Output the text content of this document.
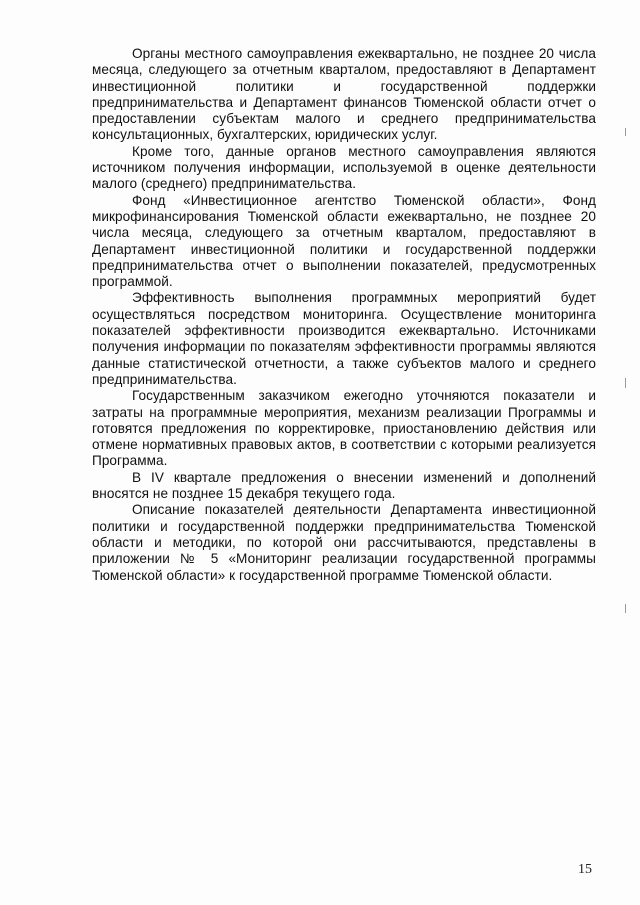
Органы местного самоуправления ежеквартально, не позднее 20 числа месяца, следующего за отчетным кварталом, предоставляют в Департамент инвестиционной политики и государственной поддержки предпринимательства и Департамент финансов Тюменской области отчет о предоставлении субъектам малого и среднего предпринимательства консультационных, бухгалтерских, юридических услуг.

Кроме того, данные органов местного самоуправления являются источником получения информации, используемой в оценке деятельности малого (среднего) предпринимательства.

Фонд «Инвестиционное агентство Тюменской области», Фонд микрофинансирования Тюменской области ежеквартально, не позднее 20 числа месяца, следующего за отчетным кварталом, предоставляют в Департамент инвестиционной политики и государственной поддержки предпринимательства отчет о выполнении показателей, предусмотренных программой.

Эффективность выполнения программных мероприятий будет осуществляться посредством мониторинга. Осуществление мониторинга показателей эффективности производится ежеквартально. Источниками получения информации по показателям эффективности программы являются данные статистической отчетности, а также субъектов малого и среднего предпринимательства.

Государственным заказчиком ежегодно уточняются показатели и затраты на программные мероприятия, механизм реализации Программы и готовятся предложения по корректировке, приостановлению действия или отмене нормативных правовых актов, в соответствии с которыми реализуется Программа.

В IV квартале предложения о внесении изменений и дополнений вносятся не позднее 15 декабря текущего года.

Описание показателей деятельности Департамента инвестиционной политики и государственной поддержки предпринимательства Тюменской области и методики, по которой они рассчитываются, представлены в приложении № 5 «Мониторинг реализации государственной программы Тюменской области» к государственной программе Тюменской области.

15
